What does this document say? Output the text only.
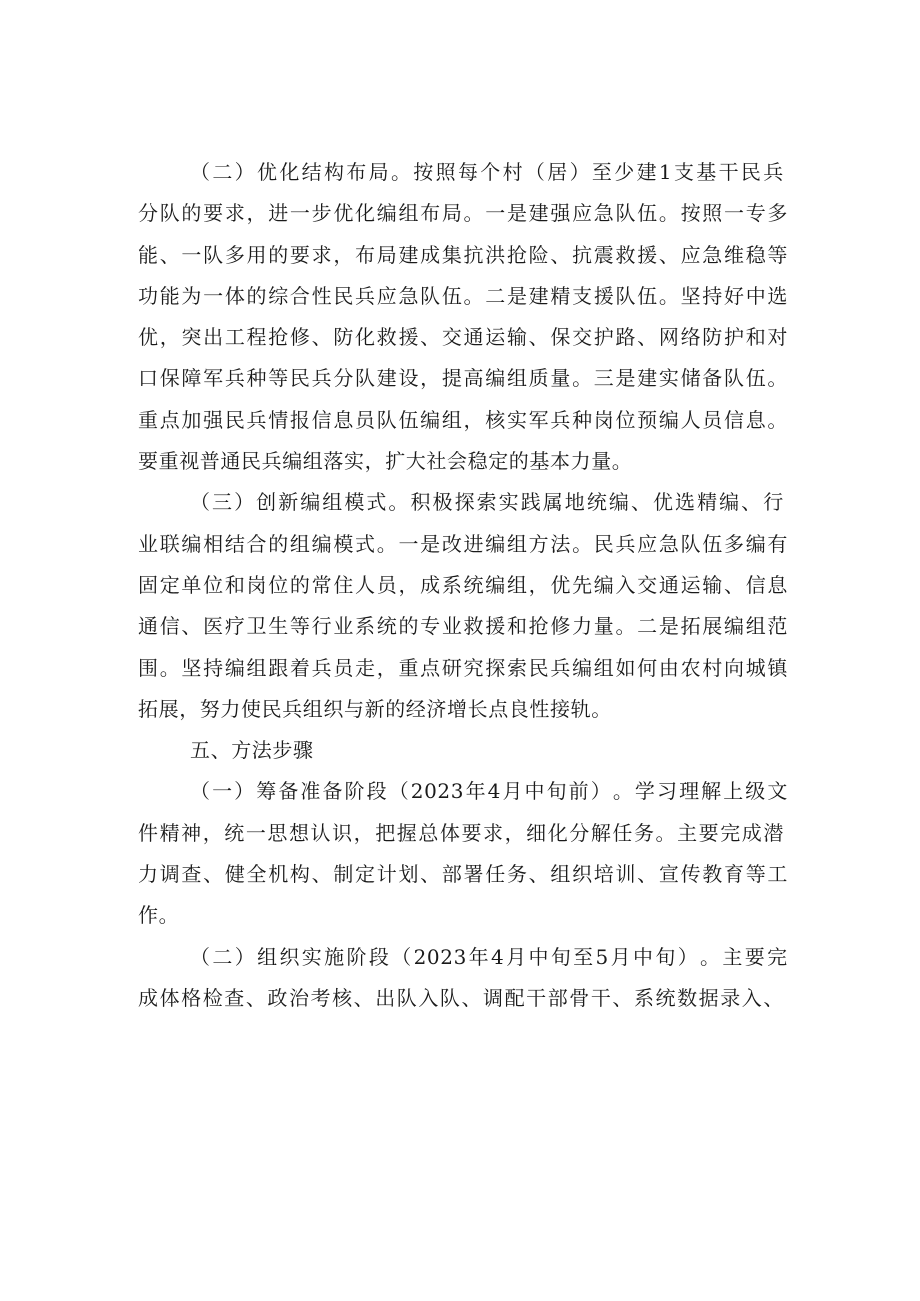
（ 二 ） 优 化 结 构 布 局 。 按 照 每 个 村 （ 居 ） 至 少 建 1 支 基 干 民 兵
分 队 的 要 求 ， 进 一 步 优 化 编 组 布 局 。 一 是 建 强 应 急 队 伍 。 按 照 一 专 多
能 、 一 队 多 用 的 要 求 ， 布 局 建 成 集 抗 洪 抢 险 、 抗 震 救 援 、 应 急 维 稳 等
功 能 为 一 体 的 综 合 性 民 兵 应 急 队 伍 。 二 是 建 精 支 援 队 伍 。 坚 持 好 中 选
优 ， 突 出 工 程 抢 修 、 防 化 救 援 、 交 通 运 输 、 保 交 护 路 、 网 络 防 护 和 对
口 保 障 军 兵 种 等 民 兵 分 队 建 设 ， 提 高 编 组 质 量 。 三 是 建 实 储 备 队 伍 。
重 点 加 强 民 兵 情 报 信 息 员 队 伍 编 组 ， 核 实 军 兵 种 岗 位 预 编 人 员 信 息 。
要重视普通民兵编组落实，扩大社会稳定的基本力量。
（ 三 ） 创 新 编 组 模 式 。 积 极 探 索 实 践 属 地 统 编 、 优 选 精 编 、 行
业 联 编 相 结 合 的 组 编 模 式 。 一 是 改 进 编 组 方 法 。 民 兵 应 急 队 伍 多 编 有
固 定 单 位 和 岗 位 的 常 住 人 员 ， 成 系 统 编 组 ， 优 先 编 入 交 通 运 输 、 信 息
通 信 、 医 疗 卫 生 等 行 业 系 统 的 专 业 救 援 和 抢 修 力 量 。 二 是 拓 展 编 组 范
围 。 坚 持 编 组 跟 着 兵 员 走 ， 重 点 研 究 探 索 民 兵 编 组 如 何 由 农 村 向 城 镇
拓展，努力使民兵组织与新的经济增长点良性接轨。
五、方法步骤
（ 一 ） 筹 备 准 备 阶 段 （ 2023 年 4 月 中 旬 前 ） 。 学 习 理 解 上 级 文
件 精 神 ， 统 一 思 想 认 识 ， 把 握 总 体 要 求 ， 细 化 分 解 任 务 。 主 要 完 成 潜
力 调 查 、 健 全 机 构 、 制 定 计 划 、 部 署 任 务 、 组 织 培 训 、 宣 传 教 育 等 工
作。
（ 二 ） 组 织 实 施 阶 段 （ 2023 年 4 月 中 旬 至 5 月 中 旬 ） 。 主 要 完
成 体 格 检 查 、 政 治 考 核 、 出 队 入 队 、 调 配 干 部 骨 干 、 系 统 数 据 录 入 、
